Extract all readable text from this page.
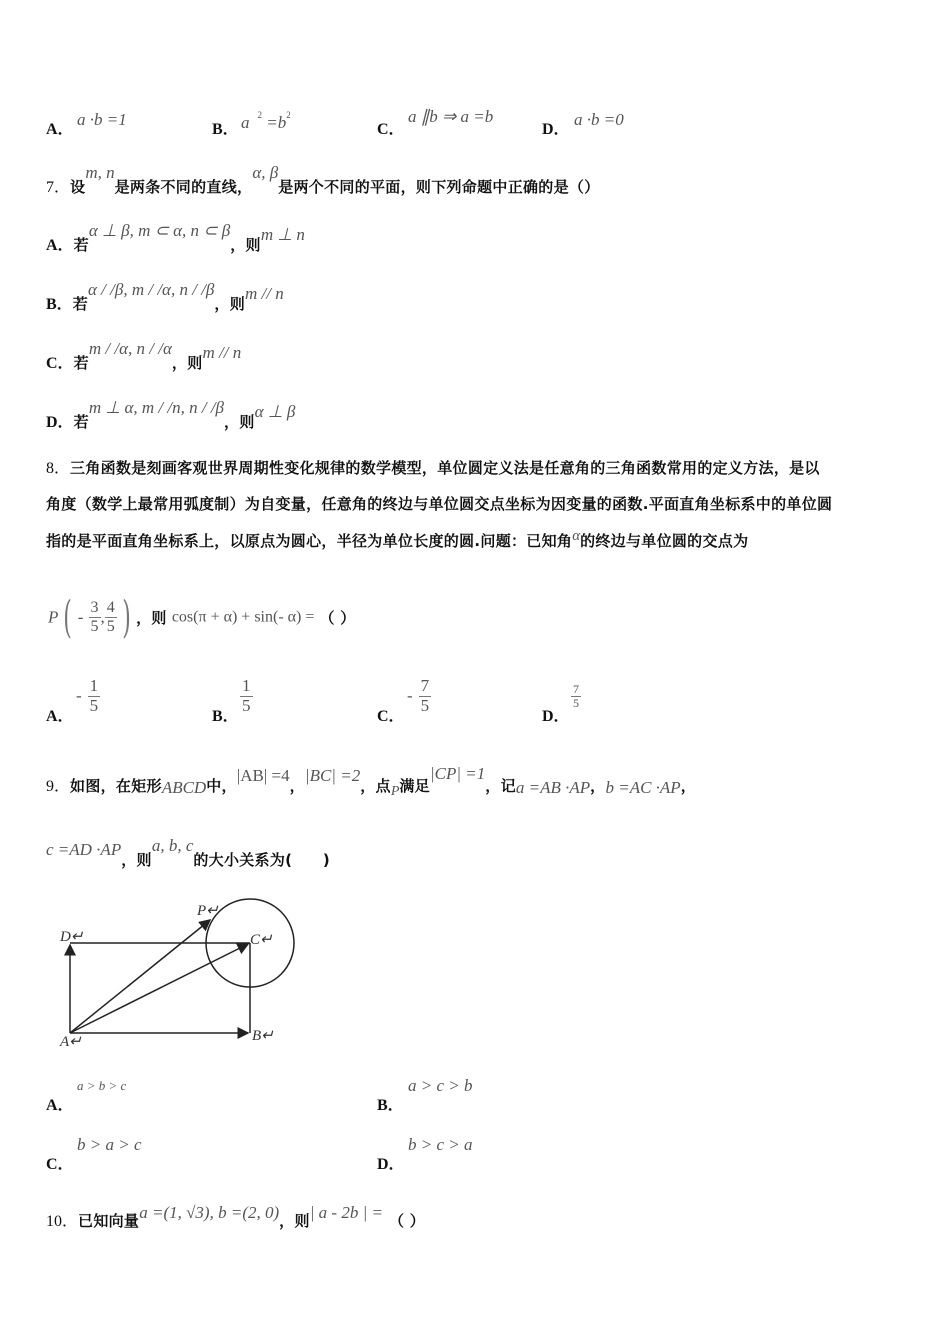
A．
a ·b =1
B． a $^2 =b^2$
C．
a ∥b ⇒ a =b
D．
a ·b =0
7．设m, n是两条不同的直线，α, β是两个不同的平面，则下列命题中正确的是（）
A．若α ⊥ β, m ⊂ α, n ⊂ β，则m ⊥ n
B．若α / /β, m / /α, n / /β，则m // n
C．若m / /α, n / /α，则m // n
D．若m ⊥ α, m / /n, n / /β，则α ⊥ β
8．三角函数是刻画客观世界周期性变化规律的数学模型，单位圆定义法是任意角的三角函数常用的定义方法，是以
角度（数学上最常用弧度制）为自变量，任意角的终边与单位圆交点坐标为因变量的函数.平面直角坐标系中的单位圆
指的是平面直角坐标系上，以原点为圆心，半径为单位长度的圆.问题：已知角α的终边与单位圆的交点为
P ( - $\frac{3}{5}$ , $\frac{4}{5}$ ) ，则 cos(π + α) + sin(- α) = （ ）
A．
- $\frac{1}{5}$
B．
$\frac{1}{5}$
C．
- $\frac{7}{5}$
D．
$\frac{7}{5}$
9．如图，在矩形ABCD中，|AB| =4，|BC| =2，点P满足|CP| =1，记a =AB ·AP，b =AC ·AP，
c =AD ·AP，则a, b, c的大小关系为(　　)
D↵	C↵
P↵
A↵	B↵
A．
a > b > c
B．
a > c > b
C．
b > a > c
D．
b > c > a
10．已知向量a =(1, √3), b =(2, 0)，则| a - 2b | = （ ）
